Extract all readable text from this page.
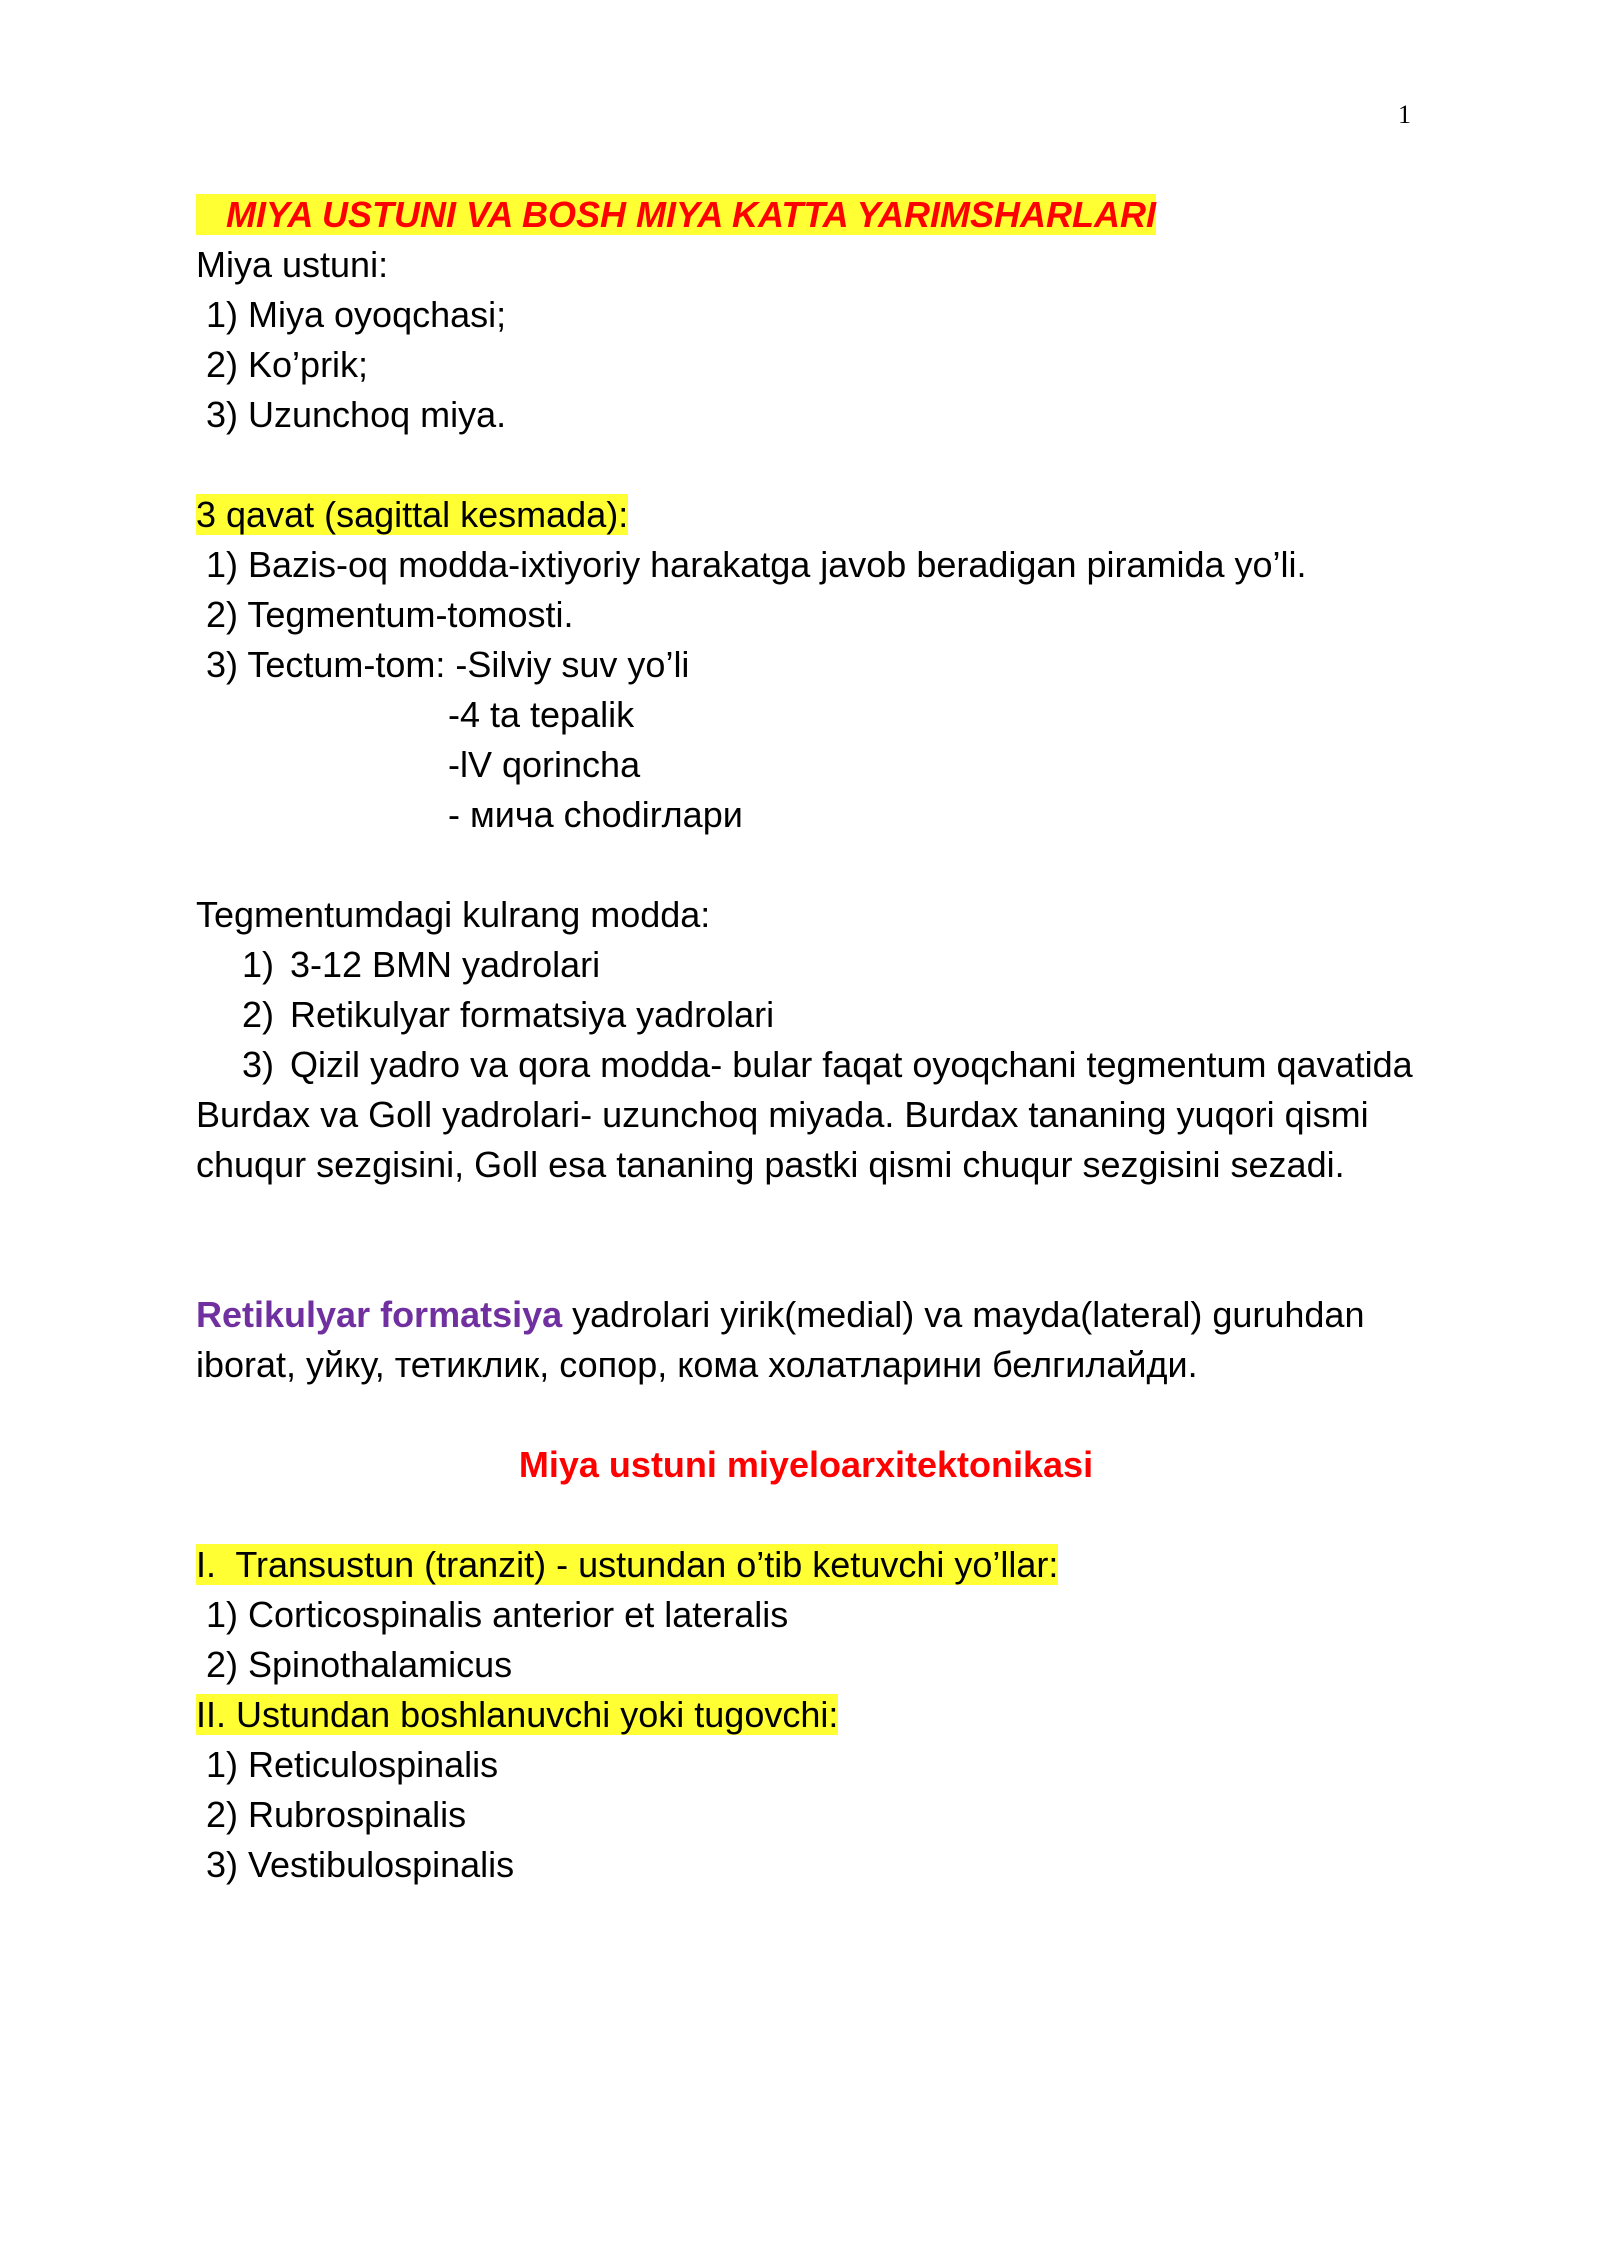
1
MIYA USTUNI VA BOSH MIYA KATTA YARIMSHARLARI
Miya ustuni:
1) Miya oyoqchasi;
2) Ko’prik;
3) Uzunchoq miya.
3 qavat (sagittal kesmada):
1) Bazis-oq modda-ixtiyoriy harakatga javob beradigan piramida yo’li.
2) Tegmentum-tomosti.
3) Tectum-tom: -Silviy suv yo’li
-4 ta tepalik
-lV qorincha
- мича chodirлари
Tegmentumdagi kulrang modda:
1) 3-12 BMN yadrolari
2) Retikulyar formatsiya yadrolari
3) Qizil yadro va qora modda- bular faqat oyoqchani tegmentum qavatida
Burdax va Goll yadrolari- uzunchoq miyada. Burdax tananing yuqori qismi chuqur sezgisini, Goll esa tananing pastki qismi chuqur sezgisini sezadi.
Retikulyar formatsiya yadrolari yirik(medial) va mayda(lateral) guruhdan iborat, уйку, тетиклик, сопор, кома холатларини белгилайди.
Miya ustuni miyeloarxitektonikasi
I.  Transustun (tranzit) - ustundan o’tib ketuvchi yo’llar:
1) Corticospinalis anterior et lateralis
2) Spinothalamicus
II. Ustundan boshlanuvchi yoki tugovchi:
1) Reticulospinalis
2) Rubrospinalis
3) Vestibulospinalis
